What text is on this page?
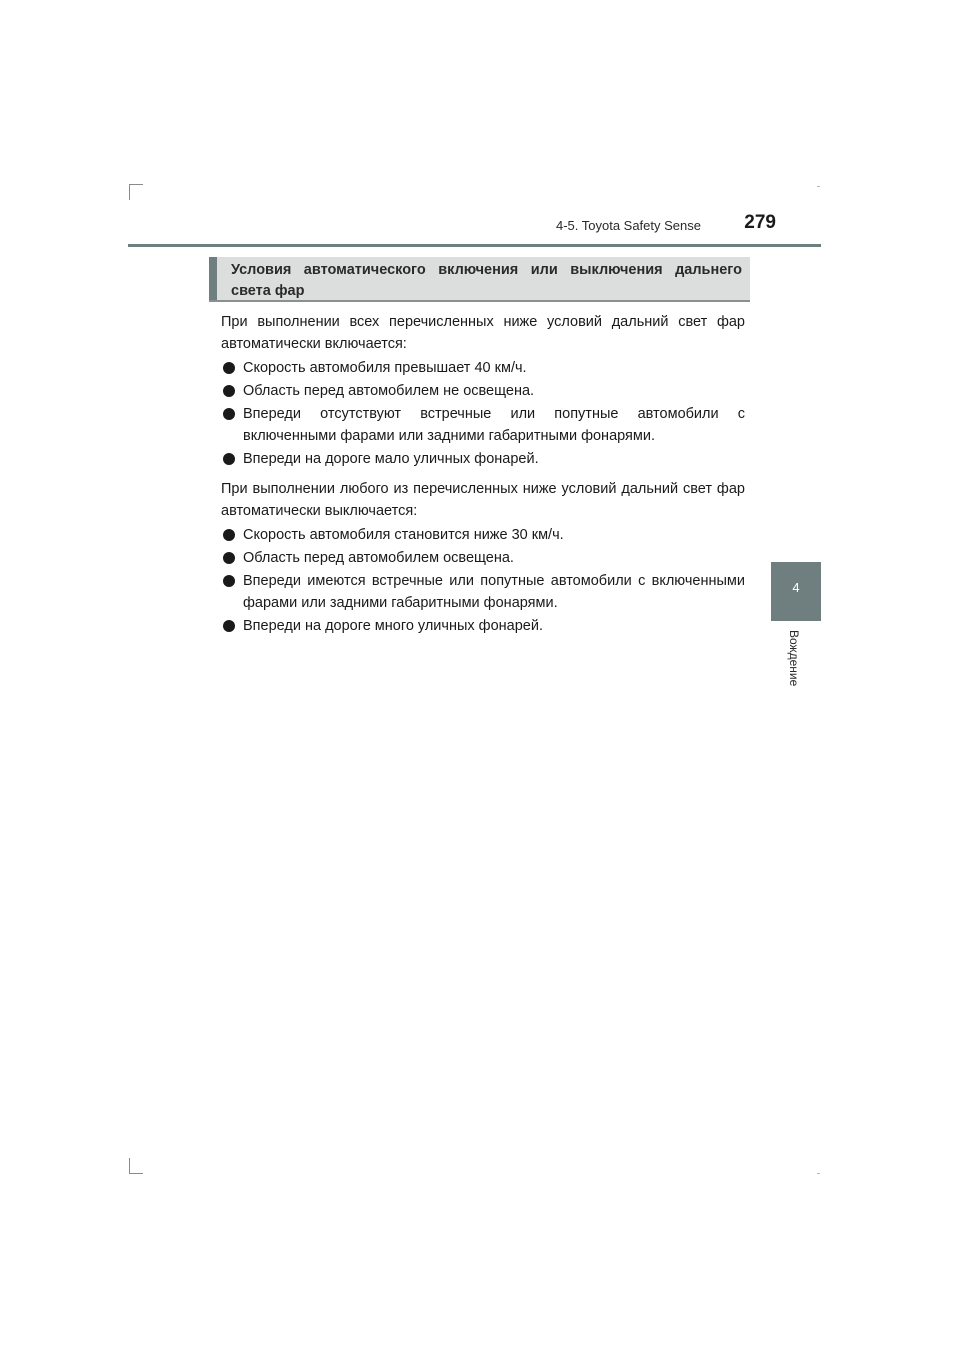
4-5. Toyota Safety Sense	279
4
Вождение
Условия автоматического включения или выключения дальнего света фар

При выполнении всех перечисленных ниже условий дальний свет фар автоматически включается:

Скорость автомобиля превышает 40 км/ч.
Область перед автомобилем не освещена.
Впереди отсутствуют встречные или попутные автомобили с включенными фарами или задними габаритными фонарями.
Впереди на дороге мало уличных фонарей.

При выполнении любого из перечисленных ниже условий дальний свет фар автоматически выключается:

Скорость автомобиля становится ниже 30 км/ч.
Область перед автомобилем освещена.
Впереди имеются встречные или попутные автомобили с включенными фарами или задними габаритными фонарями.
Впереди на дороге много уличных фонарей.
